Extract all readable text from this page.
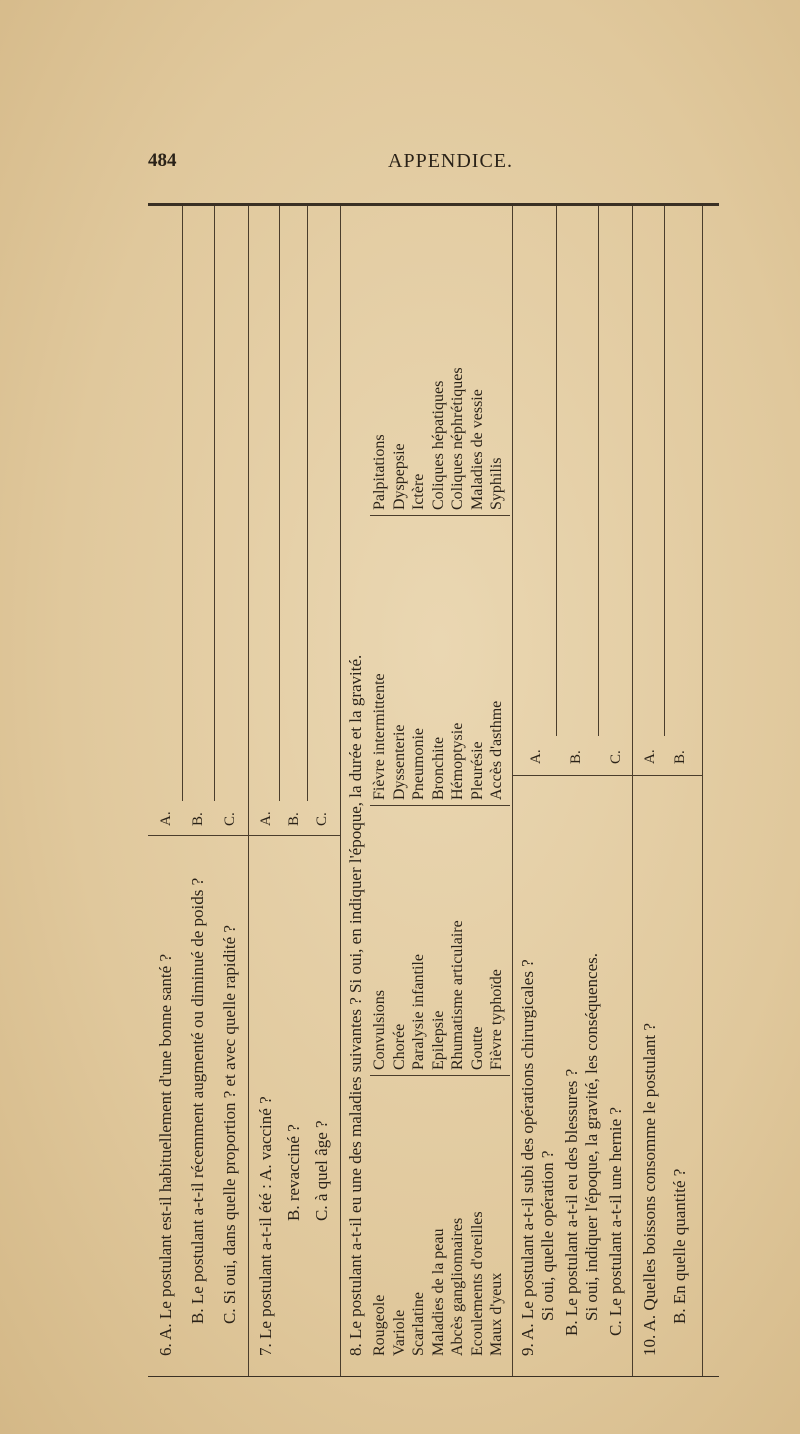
484	APPENDICE.
6. A. Le postulant est-il habituellement d'une bonne santé ? B. Le postulant a-t-il récemment augmenté ou diminué de poids ? C. Si oui, dans quelle proportion ? et avec quelle rapidité ?
A. B. C.
7. Le postulant a-t-il été : A. vacciné ? B. revacciné ? C. à quel âge ?
A. B. C. 8. Le postulant a-t-il eu une des maladies suivantes ? Si oui, en indiquer l'époque, la durée et la gravité. Rougeole Variole Scarlatine Maladies de la peau Abcès ganglionnaires Ecoulements d'oreilles Maux d'yeux
Convulsions Chorée Paralysie infantile Epilepsie Rhumatisme articulaire Goutte Fièvre typhoïde
Fièvre intermittente Dyssenterie Pneumonie Bronchite Hémoptysie Pleurésie Accès d'asthme
Palpitations Dyspepsie Ictère Coliques hépatiques Coliques néphrétiques Maladies de vessie Syphilis
9. A. Le postulant a-t-il subi des opérations chirurgicales ? Si oui, quelle opération ? B. Le postulant a-t-il eu des blessures ? Si oui, indiquer l'époque, la gravité, les conséquences. C. Le postulant a-t-il une hernie ?
A. B. C.
10. A. Quelles boissons consomme le postulant ? B. En quelle quantité ?
A. B.
